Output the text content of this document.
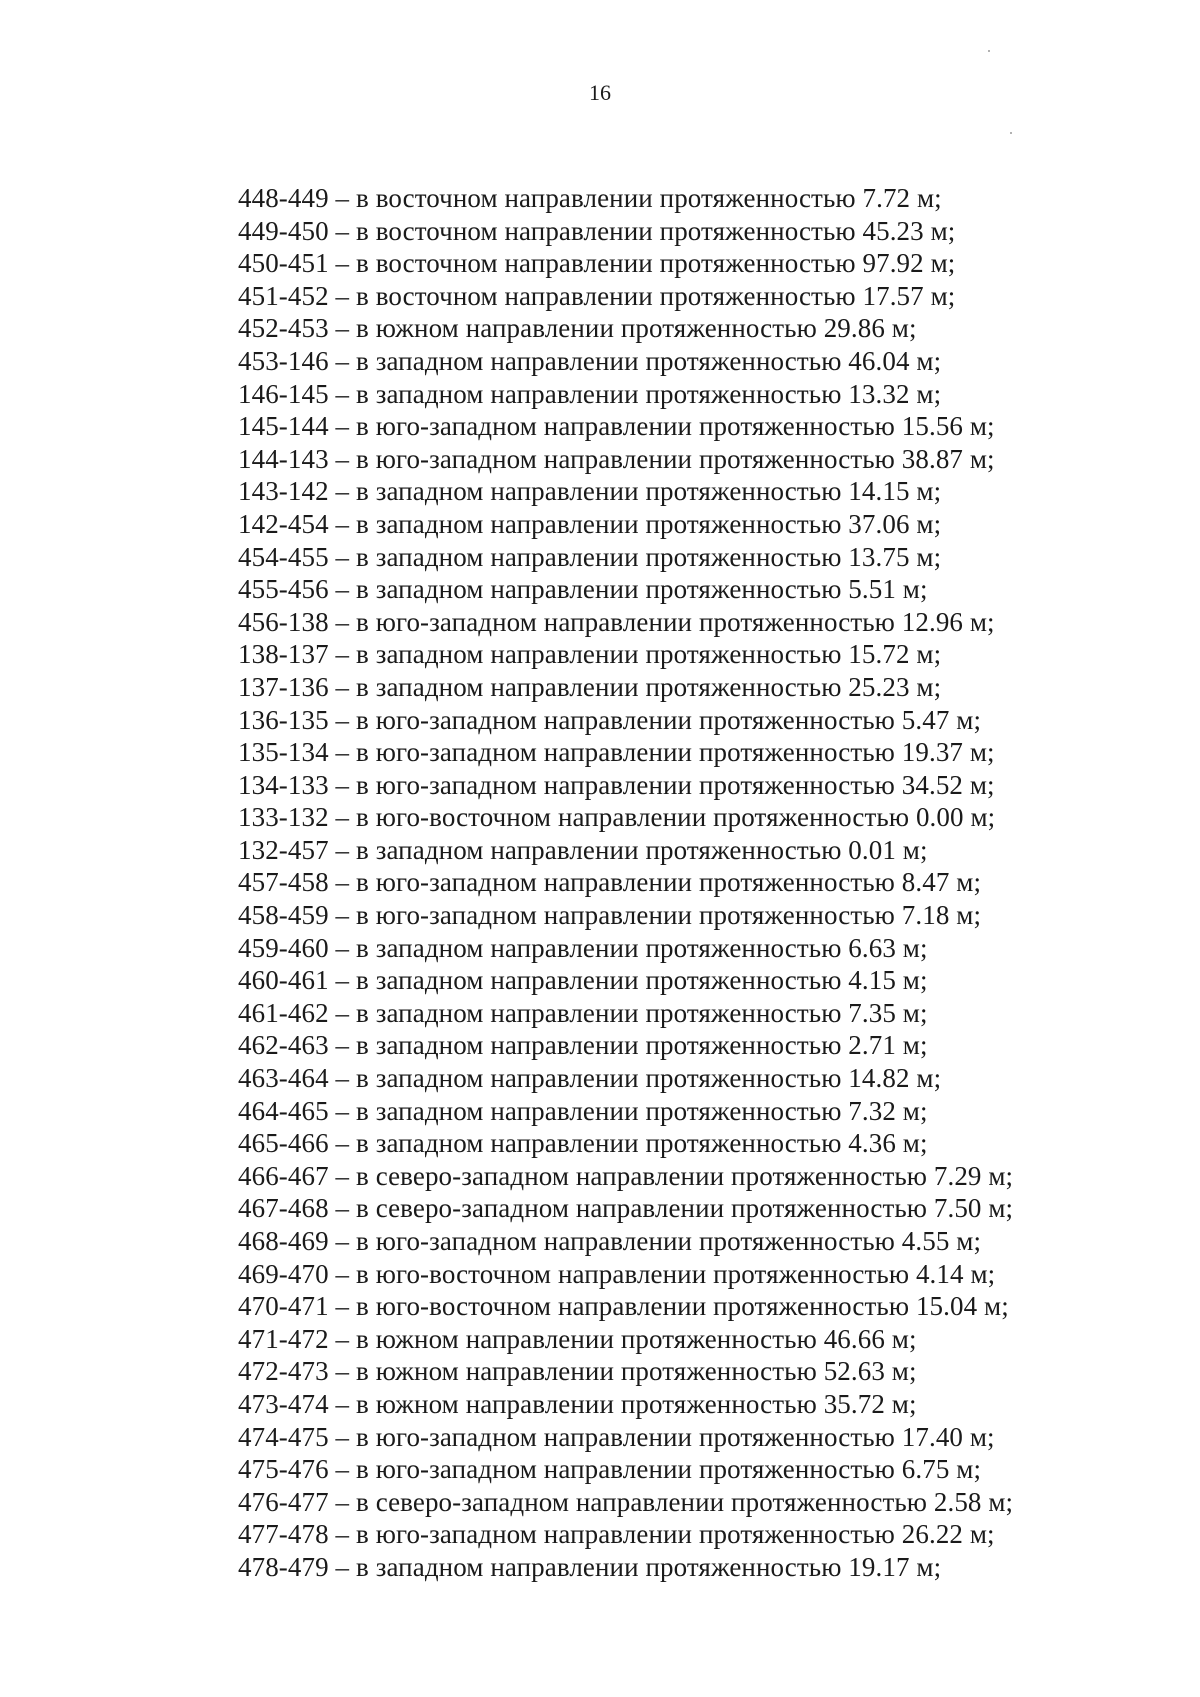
16
448-449 – в восточном направлении протяженностью 7.72 м;
449-450 – в восточном направлении протяженностью 45.23 м;
450-451 – в восточном направлении протяженностью 97.92 м;
451-452 – в восточном направлении протяженностью 17.57 м;
452-453 – в южном направлении протяженностью 29.86 м;
453-146 – в западном направлении протяженностью 46.04 м;
146-145 – в западном направлении протяженностью 13.32 м;
145-144 – в юго-западном направлении протяженностью 15.56 м;
144-143 – в юго-западном направлении протяженностью 38.87 м;
143-142 – в западном направлении протяженностью 14.15 м;
142-454 – в западном направлении протяженностью 37.06 м;
454-455 – в западном направлении протяженностью 13.75 м;
455-456 – в западном направлении протяженностью 5.51 м;
456-138 – в юго-западном направлении протяженностью 12.96 м;
138-137 – в западном направлении протяженностью 15.72 м;
137-136 – в западном направлении протяженностью 25.23 м;
136-135 – в юго-западном направлении протяженностью 5.47 м;
135-134 – в юго-западном направлении протяженностью 19.37 м;
134-133 – в юго-западном направлении протяженностью 34.52 м;
133-132 – в юго-восточном направлении протяженностью 0.00 м;
132-457 – в западном направлении протяженностью 0.01 м;
457-458 – в юго-западном направлении протяженностью 8.47 м;
458-459 – в юго-западном направлении протяженностью 7.18 м;
459-460 – в западном направлении протяженностью 6.63 м;
460-461 – в западном направлении протяженностью 4.15 м;
461-462 – в западном направлении протяженностью 7.35 м;
462-463 – в западном направлении протяженностью 2.71 м;
463-464 – в западном направлении протяженностью 14.82 м;
464-465 – в западном направлении протяженностью 7.32 м;
465-466 – в западном направлении протяженностью 4.36 м;
466-467 – в северо-западном направлении протяженностью 7.29 м;
467-468 – в северо-западном направлении протяженностью 7.50 м;
468-469 – в юго-западном направлении протяженностью 4.55 м;
469-470 – в юго-восточном направлении протяженностью 4.14 м;
470-471 – в юго-восточном направлении протяженностью 15.04 м;
471-472 – в южном направлении протяженностью 46.66 м;
472-473 – в южном направлении протяженностью 52.63 м;
473-474 – в южном направлении протяженностью 35.72 м;
474-475 – в юго-западном направлении протяженностью 17.40 м;
475-476 – в юго-западном направлении протяженностью 6.75 м;
476-477 – в северо-западном направлении протяженностью 2.58 м;
477-478 – в юго-западном направлении протяженностью 26.22 м;
478-479 – в западном направлении протяженностью 19.17 м;
